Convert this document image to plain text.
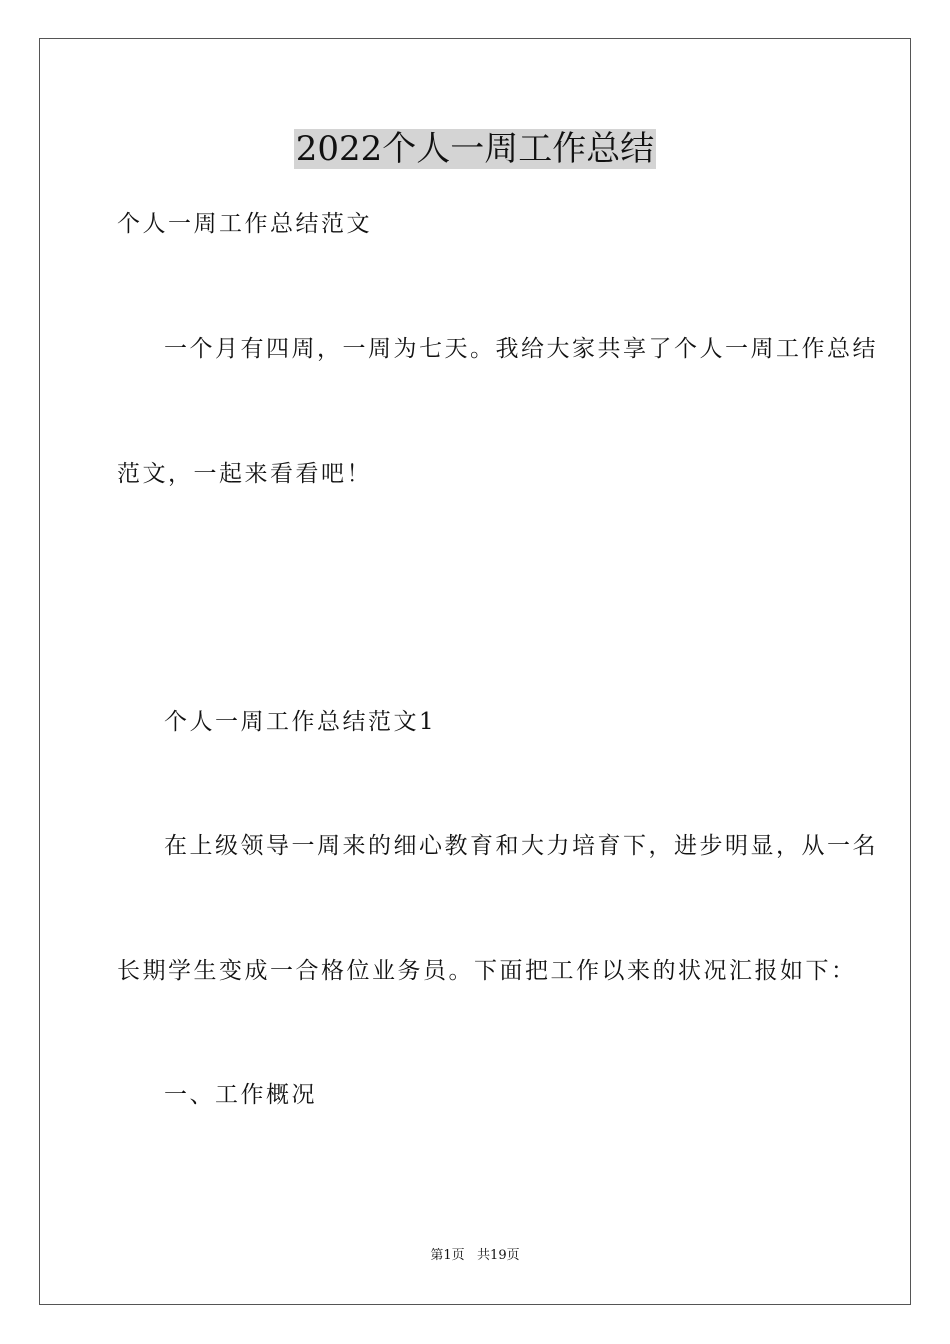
2022个人一周工作总结
个人一周工作总结范文
一个月有四周，一周为七天。我给大家共享了个人一周工作总结
范文，一起来看看吧！
个人一周工作总结范文1
在上级领导一周来的细心教育和大力培育下，进步明显，从一名
长期学生变成一合格位业务员。下面把工作以来的状况汇报如下：
一、工作概况
第1页   共19页
